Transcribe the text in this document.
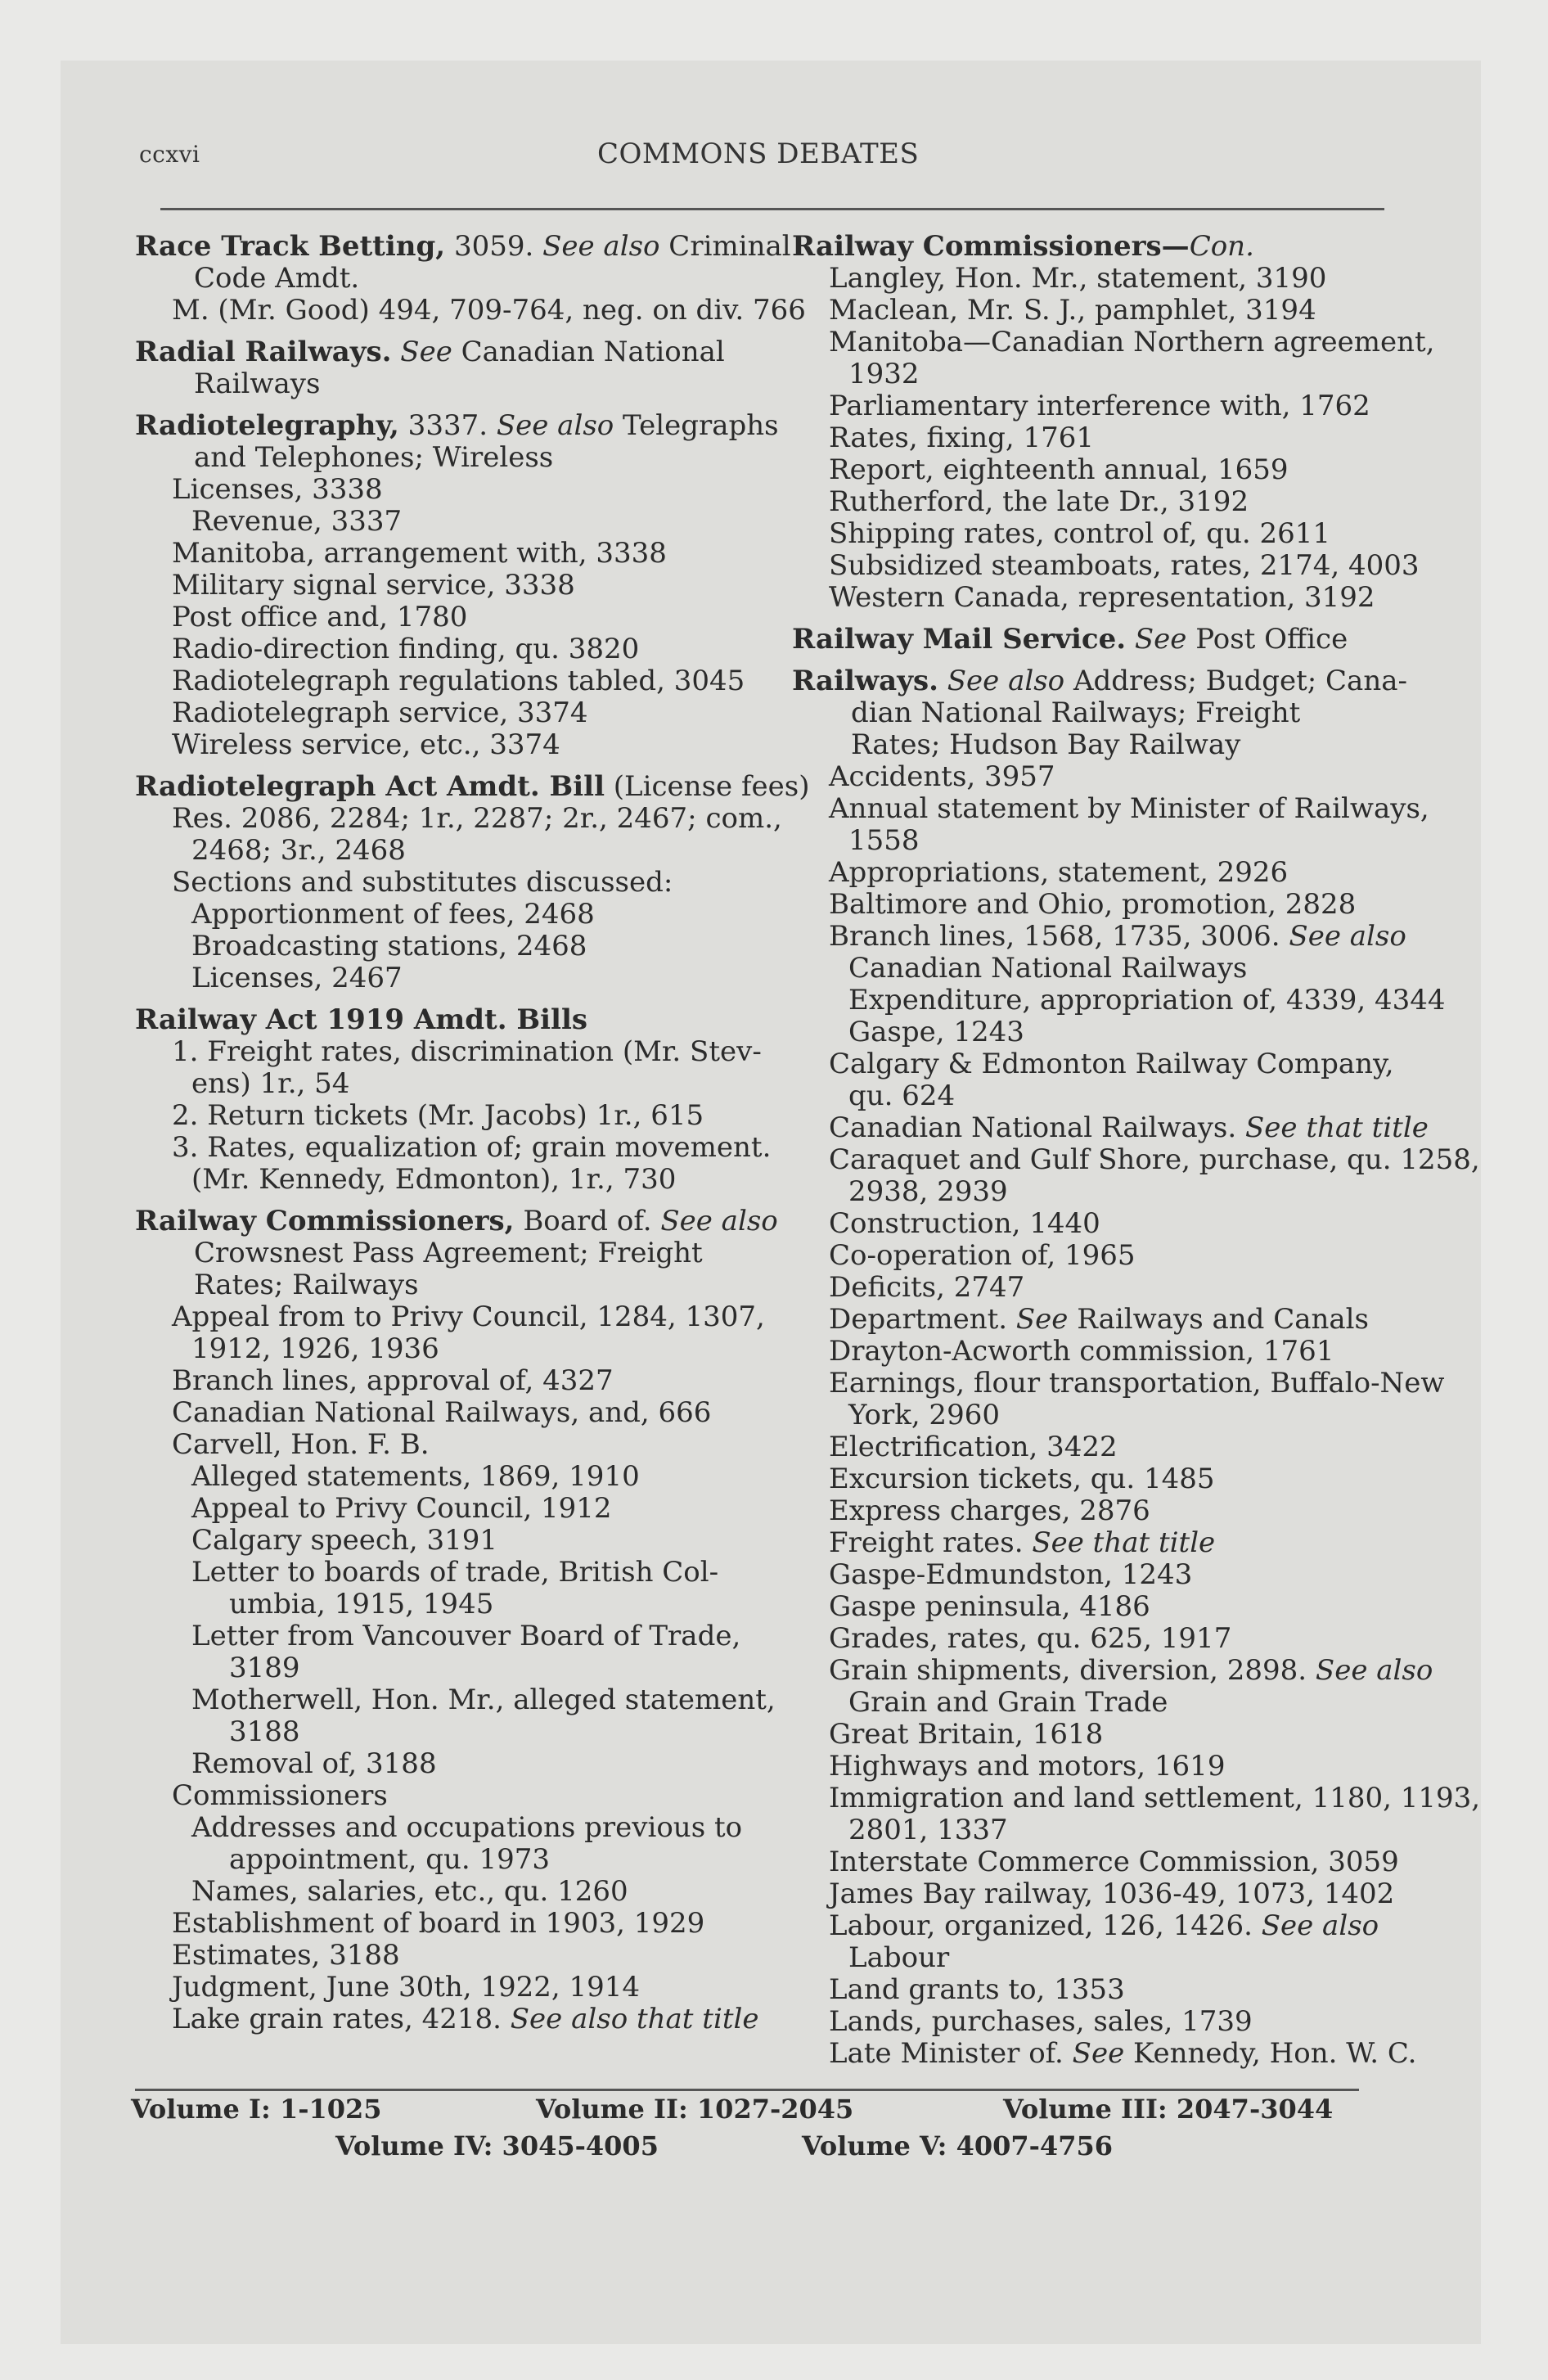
ccxvi	COMMONS DEBATES
Race Track Betting, 3059. See also Criminal
Code Amdt.
M. (Mr. Good) 494, 709-764, neg. on div. 766
Radial Railways. See Canadian National
Railways
Radiotelegraphy, 3337. See also Telegraphs
and Telephones; Wireless
Licenses, 3338
Revenue, 3337
Manitoba, arrangement with, 3338
Military signal service, 3338
Post office and, 1780
Radio-direction finding, qu. 3820
Radiotelegraph regulations tabled, 3045
Radiotelegraph service, 3374
Wireless service, etc., 3374
Radiotelegraph Act Amdt. Bill (License fees)
Res. 2086, 2284; 1r., 2287; 2r., 2467; com.,
2468; 3r., 2468
Sections and substitutes discussed:
Apportionment of fees, 2468
Broadcasting stations, 2468
Licenses, 2467
Railway Act 1919 Amdt. Bills
1. Freight rates, discrimination (Mr. Stev-
ens) 1r., 54
2. Return tickets (Mr. Jacobs) 1r., 615
3. Rates, equalization of; grain movement.
(Mr. Kennedy, Edmonton), 1r., 730
Railway Commissioners, Board of. See also
Crowsnest Pass Agreement; Freight
Rates; Railways
Appeal from to Privy Council, 1284, 1307,
1912, 1926, 1936
Branch lines, approval of, 4327
Canadian National Railways, and, 666
Carvell, Hon. F. B.
Alleged statements, 1869, 1910
Appeal to Privy Council, 1912
Calgary speech, 3191
Letter to boards of trade, British Col-
umbia, 1915, 1945
Letter from Vancouver Board of Trade,
3189
Motherwell, Hon. Mr., alleged statement,
3188
Removal of, 3188
Commissioners
Addresses and occupations previous to
appointment, qu. 1973
Names, salaries, etc., qu. 1260
Establishment of board in 1903, 1929
Estimates, 3188
Judgment, June 30th, 1922, 1914
Lake grain rates, 4218. See also that title
Railway Commissioners—Con.
Langley, Hon. Mr., statement, 3190
Maclean, Mr. S. J., pamphlet, 3194
Manitoba—Canadian Northern agreement,
1932
Parliamentary interference with, 1762
Rates, fixing, 1761
Report, eighteenth annual, 1659
Rutherford, the late Dr., 3192
Shipping rates, control of, qu. 2611
Subsidized steamboats, rates, 2174, 4003
Western Canada, representation, 3192
Railway Mail Service. See Post Office
Railways. See also Address; Budget; Cana-
dian National Railways; Freight
Rates; Hudson Bay Railway
Accidents, 3957
Annual statement by Minister of Railways,
1558
Appropriations, statement, 2926
Baltimore and Ohio, promotion, 2828
Branch lines, 1568, 1735, 3006. See also
Canadian National Railways
Expenditure, appropriation of, 4339, 4344
Gaspe, 1243
Calgary & Edmonton Railway Company,
qu. 624
Canadian National Railways. See that title
Caraquet and Gulf Shore, purchase, qu. 1258,
2938, 2939
Construction, 1440
Co-operation of, 1965
Deficits, 2747
Department. See Railways and Canals
Drayton-Acworth commission, 1761
Earnings, flour transportation, Buffalo-New
York, 2960
Electrification, 3422
Excursion tickets, qu. 1485
Express charges, 2876
Freight rates. See that title
Gaspe-Edmundston, 1243
Gaspe peninsula, 4186
Grades, rates, qu. 625, 1917
Grain shipments, diversion, 2898. See also
Grain and Grain Trade
Great Britain, 1618
Highways and motors, 1619
Immigration and land settlement, 1180, 1193,
2801, 1337
Interstate Commerce Commission, 3059
James Bay railway, 1036-49, 1073, 1402
Labour, organized, 126, 1426. See also
Labour
Land grants to, 1353
Lands, purchases, sales, 1739
Late Minister of. See Kennedy, Hon. W. C.
Volume I: 1-1025	Volume II: 1027-2045	Volume III: 2047-3044
Volume IV: 3045-4005	Volume V: 4007-4756
